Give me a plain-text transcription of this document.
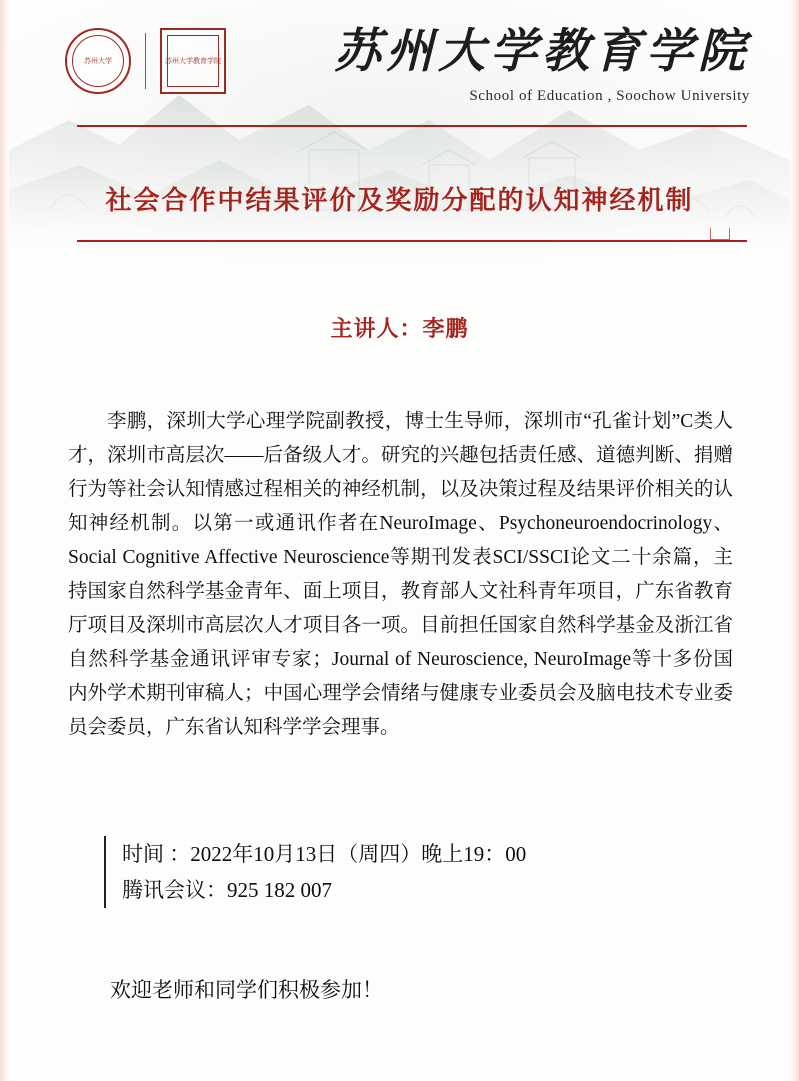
苏州大学	苏州大学教育学院 苏州大学教育学院
School of Education , Soochow University
社会合作中结果评价及奖励分配的认知神经机制
主讲人：李鹏
李鹏，深圳大学心理学院副教授，博士生导师，深圳市“孔雀计划”C类人才，深圳市高层次——后备级人才。研究的兴趣包括责任感、道德判断、捐赠行为等社会认知情感过程相关的神经机制，以及决策过程及结果评价相关的认知神经机制。以第一或通讯作者在NeuroImage、Psychoneuroendocrinology、Social Cognitive Affective Neuroscience等期刊发表SCI/SSCI论文二十余篇，主持国家自然科学基金青年、面上项目，教育部人文社科青年项目，广东省教育厅项目及深圳市高层次人才项目各一项。目前担任国家自然科学基金及浙江省自然科学基金通讯评审专家；Journal of Neuroscience, NeuroImage等十多份国内外学术期刊审稿人；中国心理学会情绪与健康专业委员会及脑电技术专业委员会委员，广东省认知科学学会理事。
时间 ：2022年10月13日（周四）晚上19：00
腾讯会议：925 182 007
欢迎老师和同学们积极参加！
